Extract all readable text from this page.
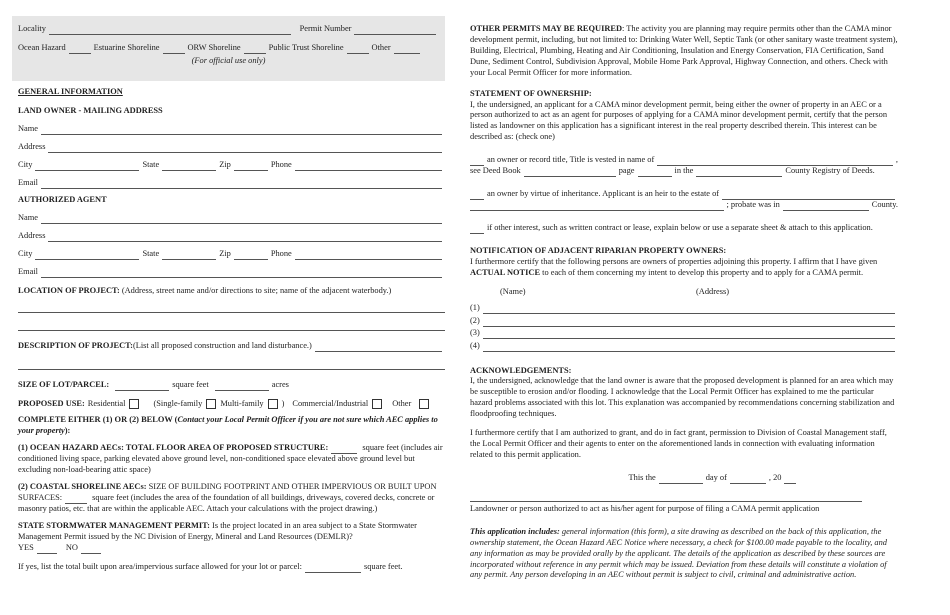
Locality	Permit Number
Ocean Hazard	Estuarine Shoreline	ORW Shoreline	Public Trust Shoreline	Other
(For official use only)
GENERAL INFORMATION
LAND OWNER - MAILING ADDRESS
Name
Address
City	State	Zip	Phone
Email
AUTHORIZED AGENT
Name
Address
City	State	Zip	Phone
Email
LOCATION OF PROJECT: (Address, street name and/or directions to site; name of the adjacent waterbody.)
DESCRIPTION OF PROJECT: (List all proposed construction and land disturbance.)
SIZE OF LOT/PARCEL:	square feet	acres
PROPOSED USE: Residential	(Single-family Multi-family ) Commercial/Industrial	Other

COMPLETE EITHER (1) OR (2) BELOW (Contact your Local Permit Officer if you are not sure which AEC applies to your property):

(1) OCEAN HAZARD AECs: TOTAL FLOOR AREA OF PROPOSED STRUCTURE:	square feet (includes air conditioned living space, parking elevated above ground level, non-conditioned space elevated above ground level but excluding non-load-bearing attic space)

(2) COASTAL SHORELINE AECs: SIZE OF BUILDING FOOTPRINT AND OTHER IMPERVIOUS OR BUILT UPON SURFACES:	square feet (includes the area of the foundation of all buildings, driveways, covered decks, concrete or masonry patios, etc. that are within the applicable AEC. Attach your calculations with the project drawing.)

STATE STORMWATER MANAGEMENT PERMIT: Is the project located in an area subject to a State Stormwater Management Permit issued by the NC Division of Energy, Mineral and Land Resources (DEMLR)?

YES	NO
If yes, list the total built upon area/impervious surface allowed for your lot or parcel:	square feet.

OTHER PERMITS MAY BE REQUIRED: The activity you are planning may require permits other than the CAMA minor development permit, including, but not limited to: Drinking Water Well, Septic Tank (or other sanitary waste treatment system), Building, Electrical, Plumbing, Heating and Air Conditioning, Insulation and Energy Conservation, FIA Certification, Sand Dune, Sediment Control, Subdivision Approval, Mobile Home Park Approval, Highway Connection, and others. Check with your Local Permit Officer for more information.

STATEMENT OF OWNERSHIP:

I, the undersigned, an applicant for a CAMA minor development permit, being either the owner of property in an AEC or a person authorized to act as an agent for purposes of applying for a CAMA minor development permit, certify that the person listed as landowner on this application has a significant interest in the real property described therein. This interest can be described as: (check one)

an owner or record title, Title is vested in name of	,
see Deed Book	page	in the	County Registry of Deeds.
an owner by virtue of inheritance. Applicant is an heir to the estate of
; probate was in	County.
if other interest, such as written contract or lease, explain below or use a separate sheet & attach to this application.
NOTIFICATION OF ADJACENT RIPARIAN PROPERTY OWNERS:

I furthermore certify that the following persons are owners of properties adjoining this property. I affirm that I have given ACTUAL NOTICE to each of them concerning my intent to develop this property and to apply for a CAMA permit.

(Name)	(Address)
(1)
(2)
(3)
(4)
ACKNOWLEDGEMENTS:

I, the undersigned, acknowledge that the land owner is aware that the proposed development is planned for an area which may be susceptible to erosion and/or flooding. I acknowledge that the Local Permit Officer has explained to me the particular hazard problems associated with this lot. This explanation was accompanied by recommendations concerning stabilization and floodproofing techniques.

I furthermore certify that I am authorized to grant, and do in fact grant, permission to Division of Coastal Management staff, the Local Permit Officer and their agents to enter on the aforementioned lands in connection with evaluating information related to this permit application.

This the	day of	, 20
Landowner or person authorized to act as his/her agent for purpose of filing a CAMA permit application

This application includes: general information (this form), a site drawing as described on the back of this application, the ownership statement, the Ocean Hazard AEC Notice where necessary, a check for $100.00 made payable to the locality, and any information as may be provided orally by the applicant. The details of the application as described by these sources are incorporated without reference in any permit which may be issued. Deviation from these details will constitute a violation of any permit. Any person developing in an AEC without permit is subject to civil, criminal and administrative action.
